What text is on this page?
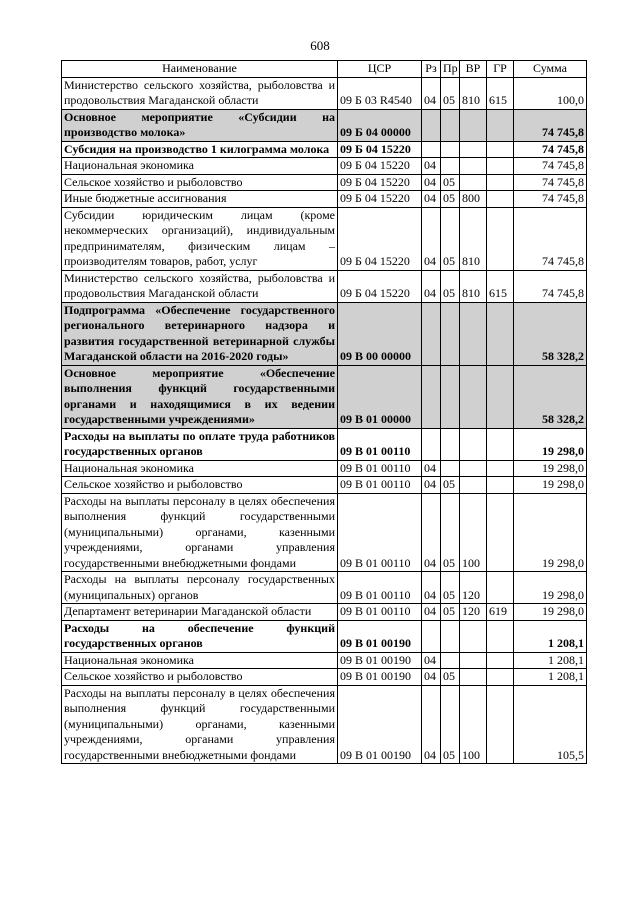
608
Наименование	ЦСР	Рз	Пр	ВР	ГР	Сумма
Министерство сельского хозяйства, рыболовства и продовольствия Магаданской области	09 Б 03 R4540	04	05	810	615	100,0
Основное мероприятие «Субсидии на производство молока»	09 Б 04 00000					74 745,8
Субсидия на производство 1 килограмма молока	09 Б 04 15220					74 745,8
Национальная экономика	09 Б 04 15220	04				74 745,8
Сельское хозяйство и рыболовство	09 Б 04 15220	04	05			74 745,8
Иные бюджетные ассигнования	09 Б 04 15220	04	05	800		74 745,8
Субсидии юридическим лицам (кроме некоммерческих организаций), индивидуальным предпринимателям, физическим лицам – производителям товаров, работ, услуг	09 Б 04 15220	04	05	810		74 745,8
Министерство сельского хозяйства, рыболовства и продовольствия Магаданской области	09 Б 04 15220	04	05	810	615	74 745,8
Подпрограмма «Обеспечение государственного регионального ветеринарного надзора и развития государственной ветеринарной службы Магаданской области на 2016-2020 годы»	09 В 00 00000					58 328,2
Основное мероприятие «Обеспечение выполнения функций государственными органами и находящимися в их ведении государственными учреждениями»	09 В 01 00000					58 328,2
Расходы на выплаты по оплате труда работников государственных органов	09 В 01 00110					19 298,0
Национальная экономика	09 В 01 00110	04				19 298,0
Сельское хозяйство и рыболовство	09 В 01 00110	04	05			19 298,0
Расходы на выплаты персоналу в целях обеспечения выполнения функций государственными (муниципальными) органами, казенными учреждениями, органами управления государственными внебюджетными фондами	09 В 01 00110	04	05	100		19 298,0
Расходы на выплаты персоналу государственных (муниципальных) органов	09 В 01 00110	04	05	120		19 298,0
Департамент ветеринарии Магаданской области	09 В 01 00110	04	05	120	619	19 298,0
Расходы на обеспечение функций государственных органов	09 В 01 00190					1 208,1
Национальная экономика	09 В 01 00190	04				1 208,1
Сельское хозяйство и рыболовство	09 В 01 00190	04	05			1 208,1
Расходы на выплаты персоналу в целях обеспечения выполнения функций государственными (муниципальными) органами, казенными учреждениями, органами управления государственными внебюджетными фондами	09 В 01 00190	04	05	100		105,5
